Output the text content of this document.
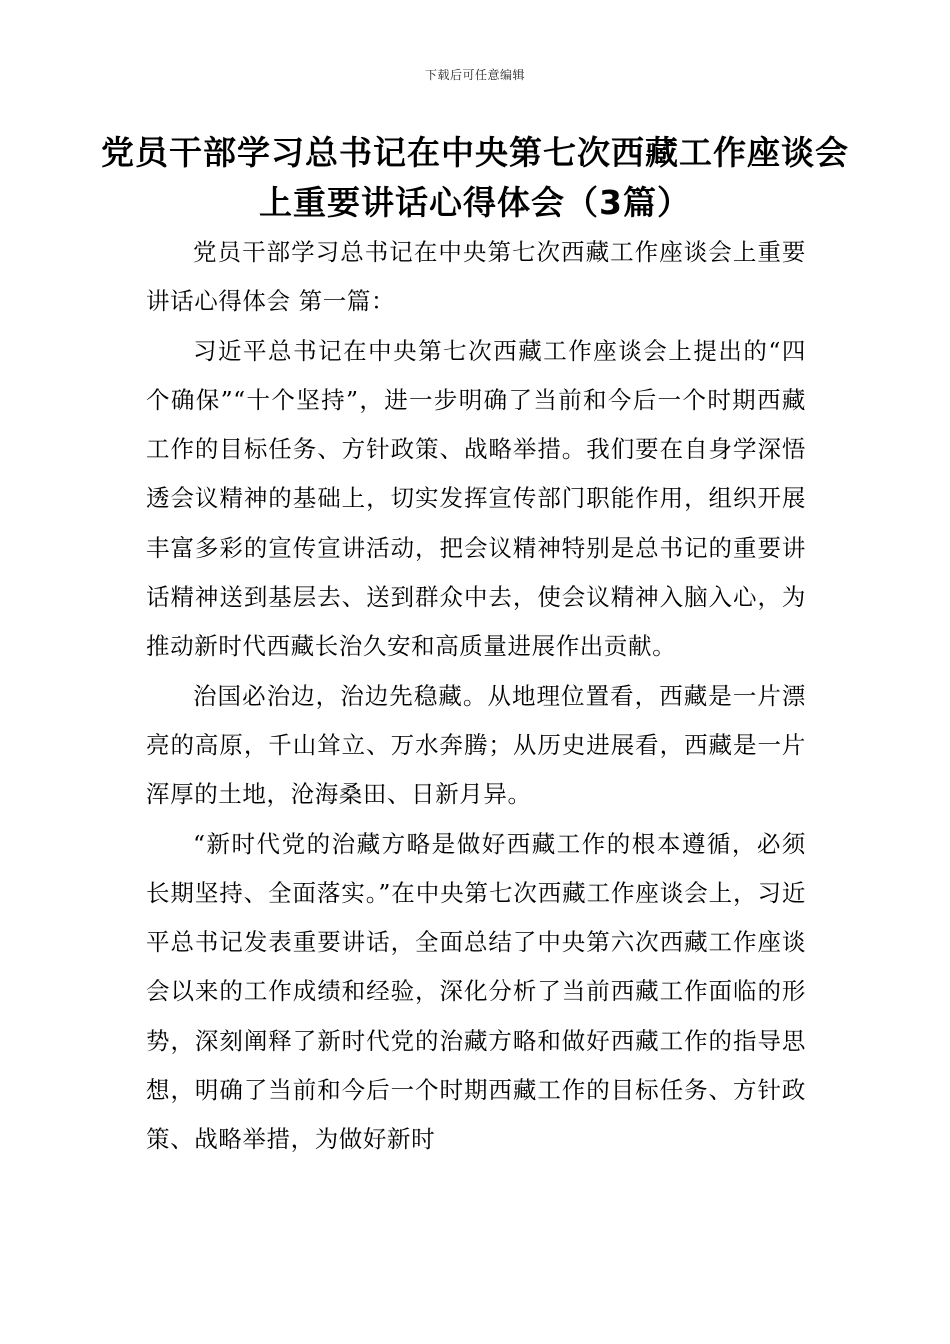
下载后可任意编辑
党员干部学习总书记在中央第七次西藏工作座谈会上重要讲话心得体会（3篇）

党员干部学习总书记在中央第七次西藏工作座谈会上重要讲话心得体会 第一篇：

习近平总书记在中央第七次西藏工作座谈会上提出的“四个确保”“十个坚持”，进一步明确了当前和今后一个时期西藏工作的目标任务、方针政策、战略举措。我们要在自身学深悟透会议精神的基础上，切实发挥宣传部门职能作用，组织开展丰富多彩的宣传宣讲活动，把会议精神特别是总书记的重要讲话精神送到基层去、送到群众中去，使会议精神入脑入心，为推动新时代西藏长治久安和高质量进展作出贡献。

治国必治边，治边先稳藏。从地理位置看，西藏是一片漂亮的高原，千山耸立、万水奔腾；从历史进展看，西藏是一片浑厚的土地，沧海桑田、日新月异。

“新时代党的治藏方略是做好西藏工作的根本遵循，必须长期坚持、全面落实。”在中央第七次西藏工作座谈会上，习近平总书记发表重要讲话，全面总结了中央第六次西藏工作座谈会以来的工作成绩和经验，深化分析了当前西藏工作面临的形势，深刻阐释了新时代党的治藏方略和做好西藏工作的指导思想，明确了当前和今后一个时期西藏工作的目标任务、方针政策、战略举措，为做好新时
